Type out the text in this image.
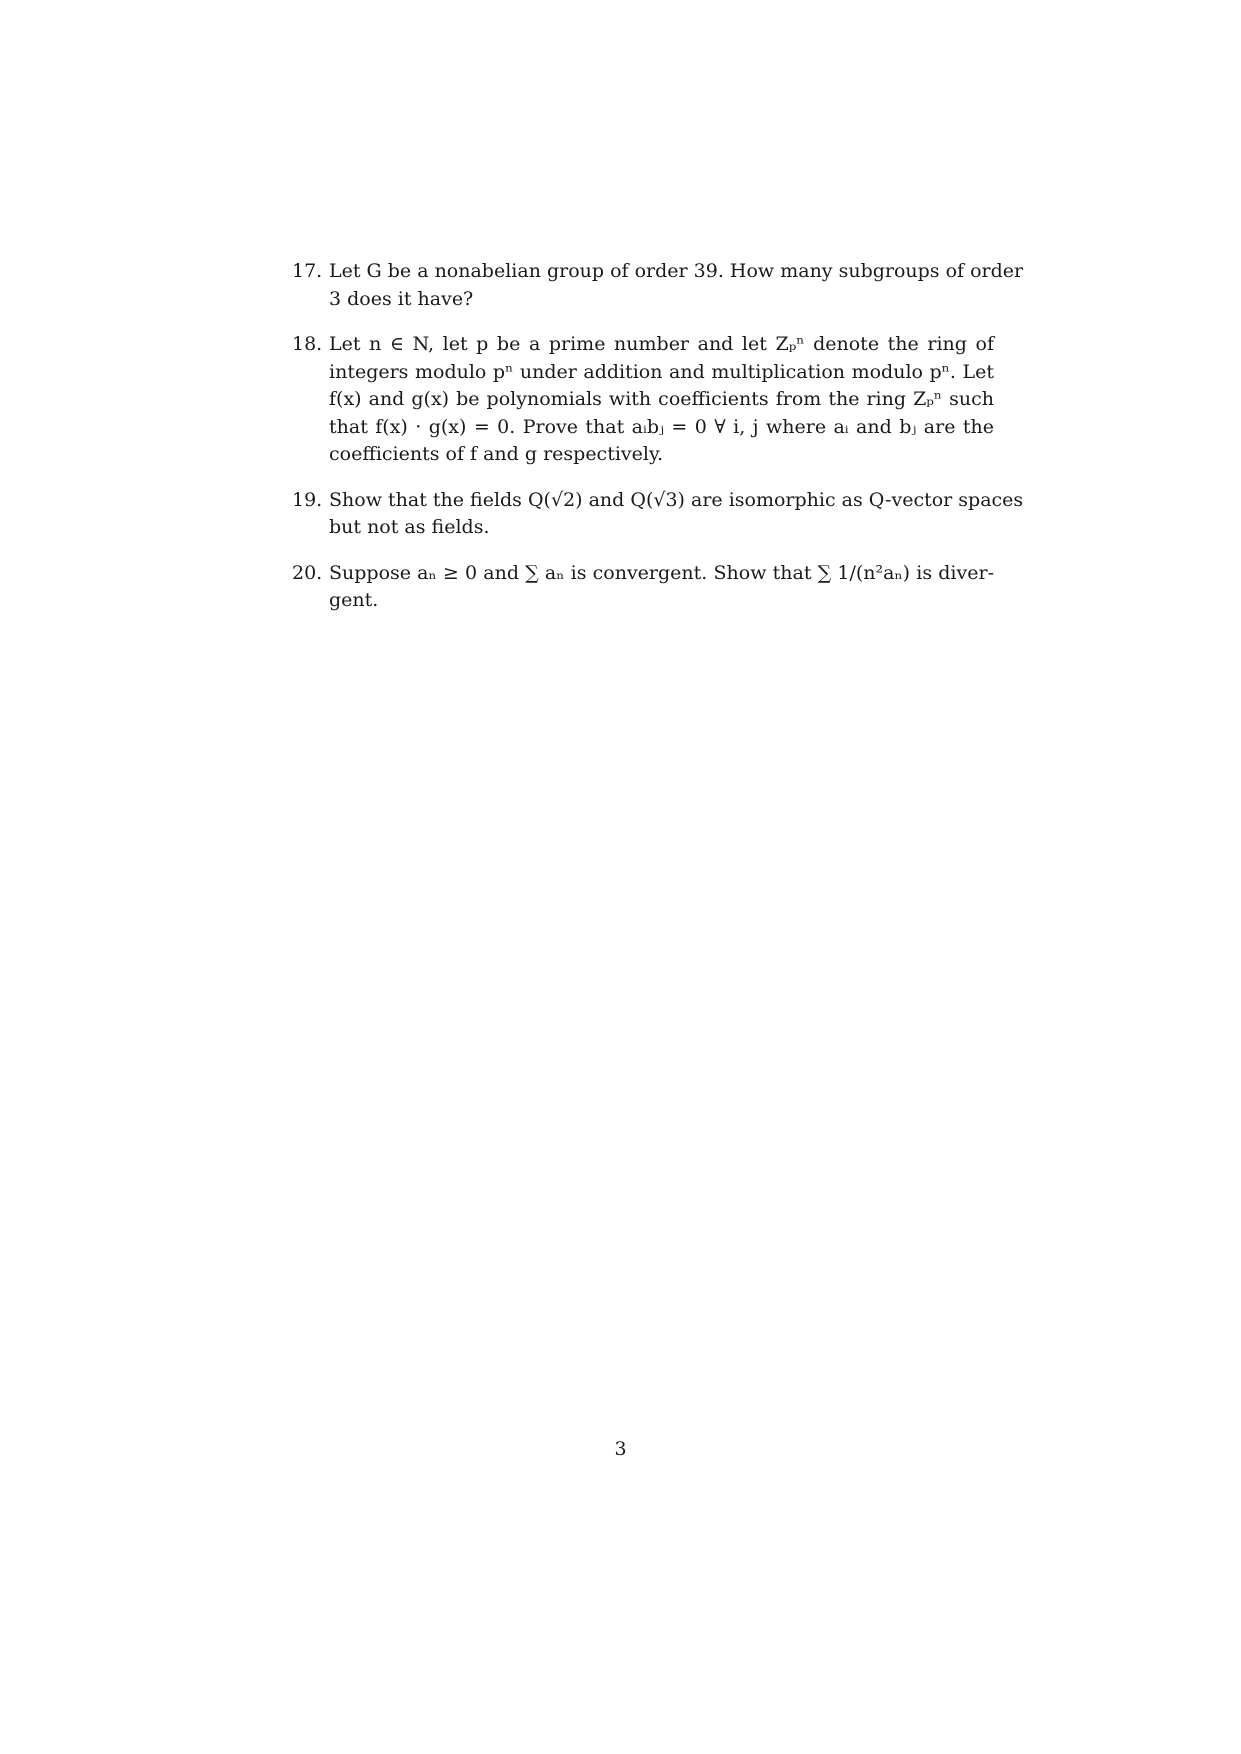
17. Let G be a nonabelian group of order 39. How many subgroups of order
3 does it have?
18. Let n ∈ N, let p be a prime number and let Zₚⁿ denote the ring of
integers modulo pⁿ under addition and multiplication modulo pⁿ. Let
f(x) and g(x) be polynomials with coefficients from the ring Zₚⁿ such
that f(x) · g(x) = 0. Prove that aᵢbⱼ = 0 ∀ i, j where aᵢ and bⱼ are the
coefficients of f and g respectively.
19. Show that the fields Q(√2) and Q(√3) are isomorphic as Q-vector spaces
but not as fields.
20. Suppose aₙ ≥ 0 and ∑ aₙ is convergent. Show that ∑ 1/(n²aₙ) is diver-
gent.
3
